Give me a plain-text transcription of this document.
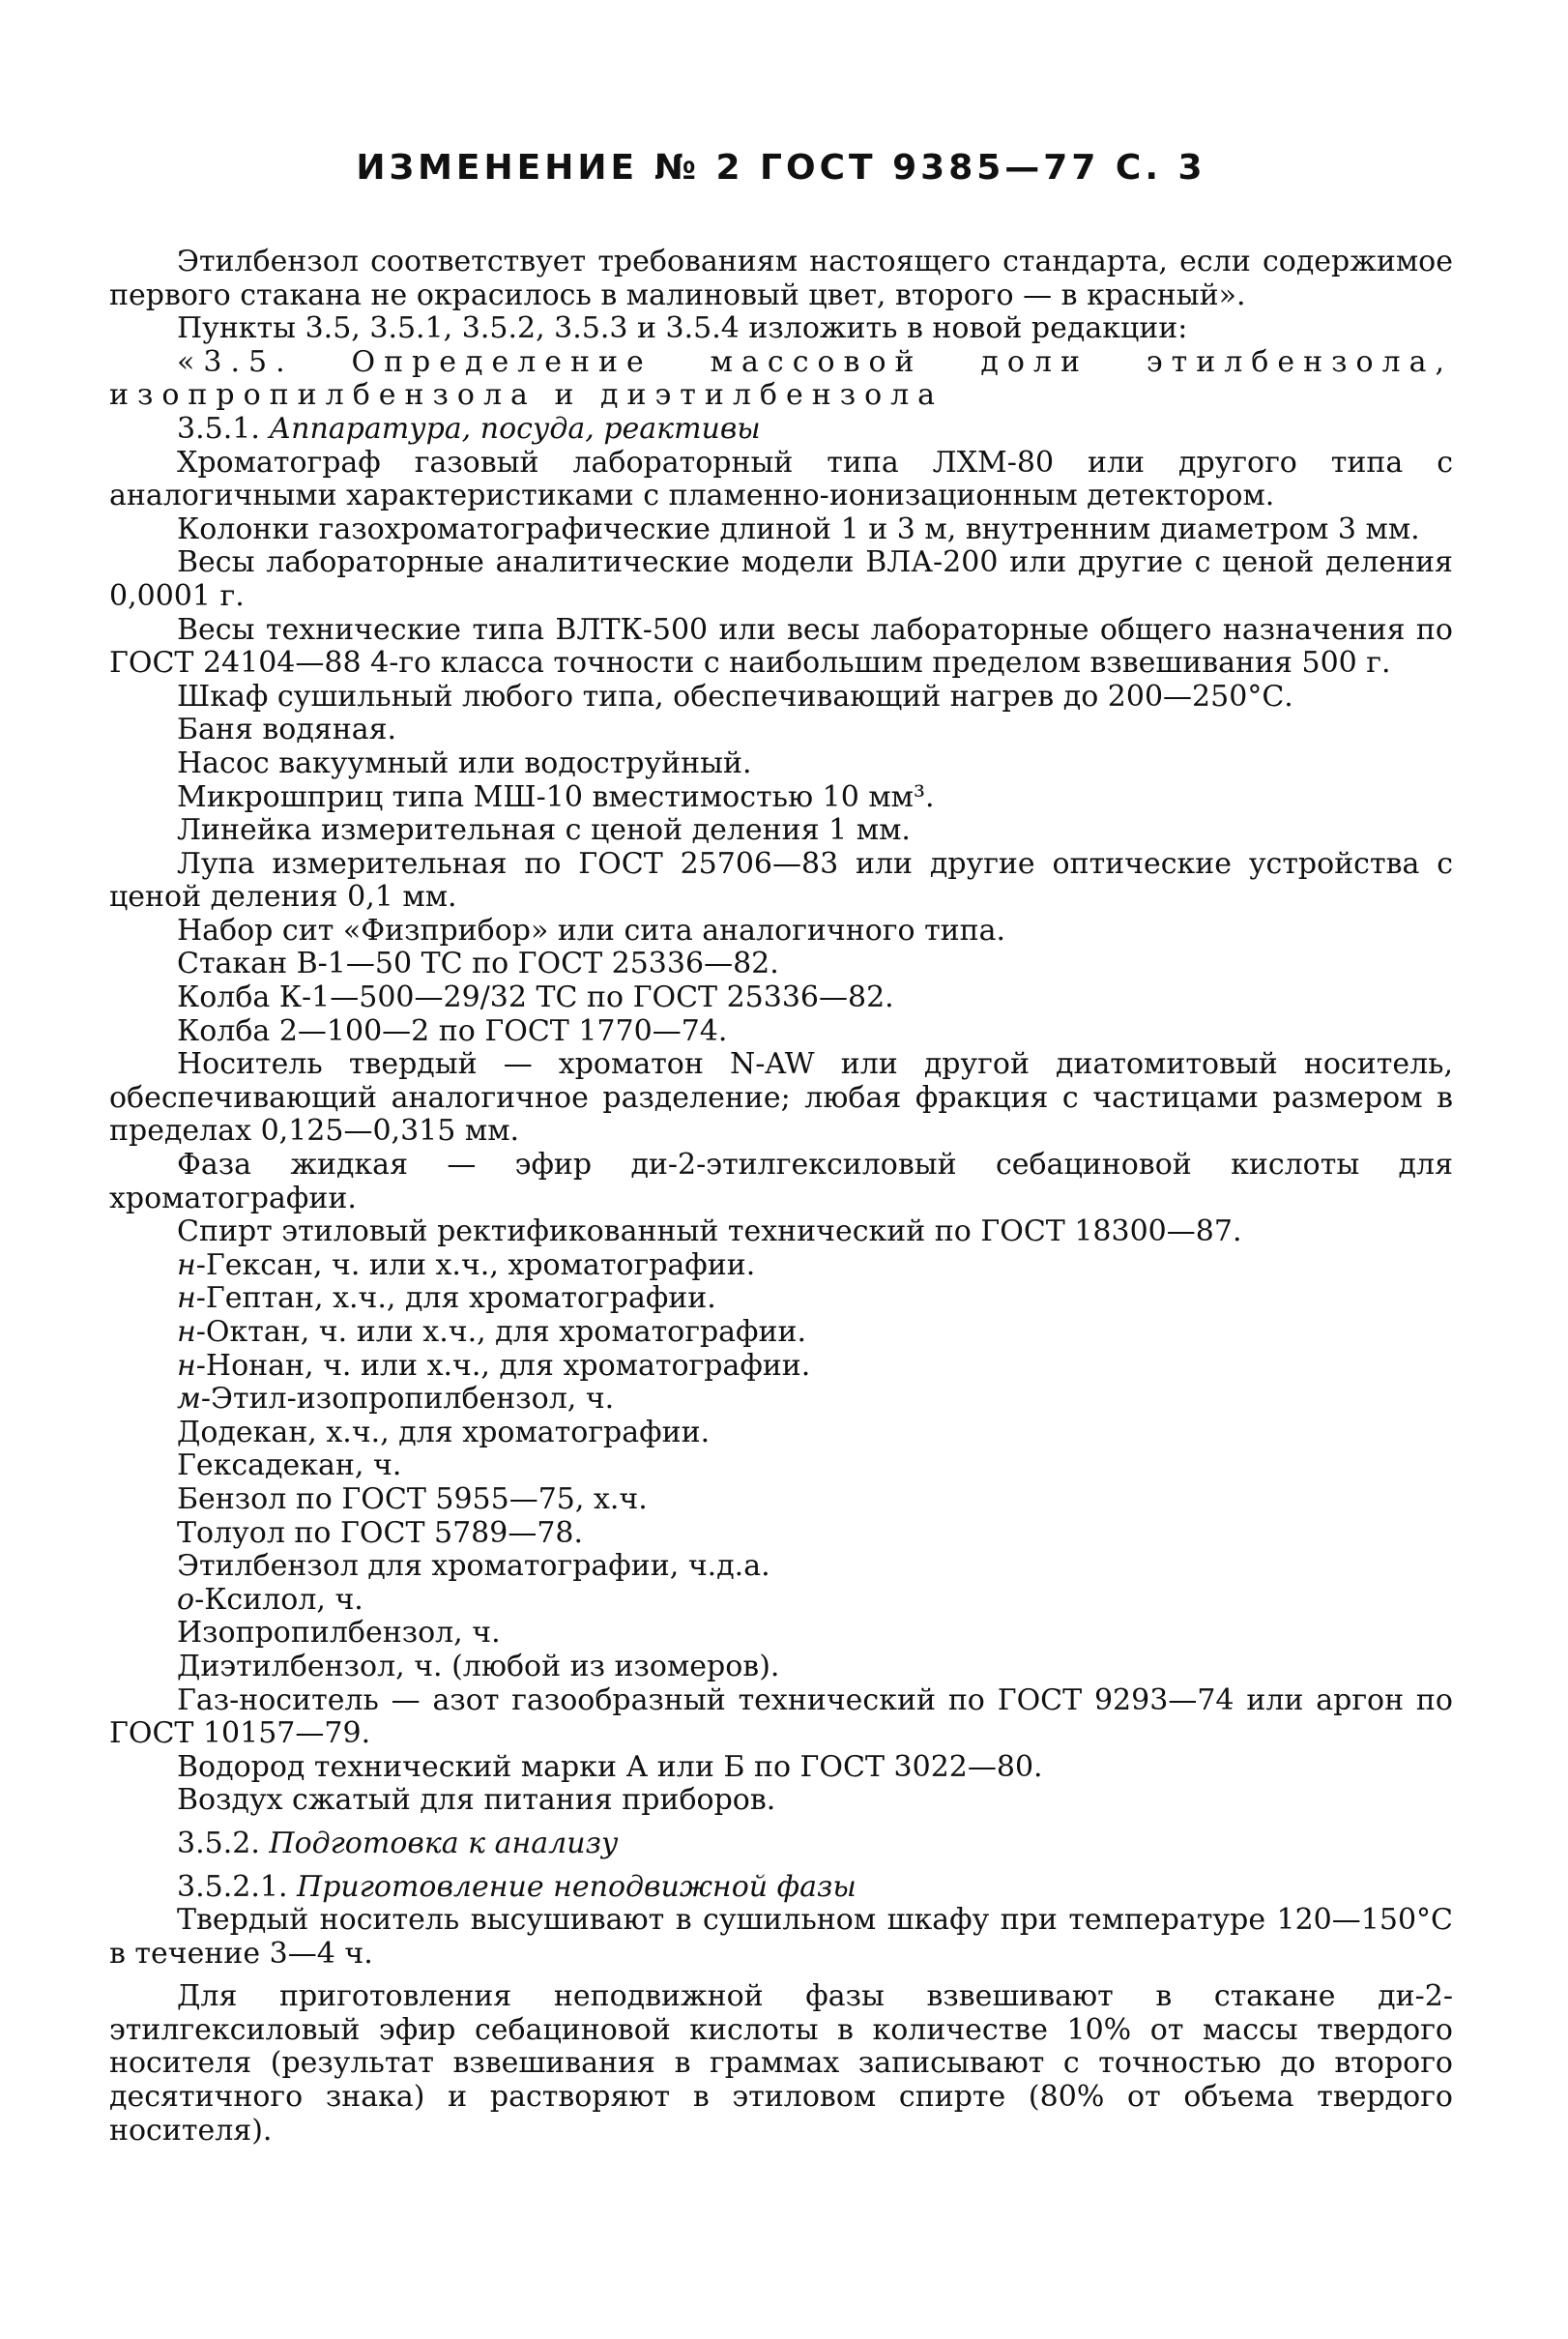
ИЗМЕНЕНИЕ № 2 ГОСТ 9385—77 С. 3

Этилбензол соответствует требованиям настоящего стандарта, если содержимое первого стакана не окрасилось в малиновый цвет, второго — в красный».

Пункты 3.5, 3.5.1, 3.5.2, 3.5.3 и 3.5.4 изложить в новой редакции:

«3.5. Определение массовой доли этилбензола, изопропилбензола и диэтилбензола

3.5.1. Аппаратура, посуда, реактивы

Хроматограф газовый лабораторный типа ЛХМ-80 или другого типа с аналогичными характеристиками с пламенно-ионизационным детектором.

Колонки газохроматографические длиной 1 и 3 м, внутренним диаметром 3 мм.

Весы лабораторные аналитические модели ВЛА-200 или другие с ценой деления 0,0001 г.

Весы технические типа ВЛТК-500 или весы лабораторные общего назначения по ГОСТ 24104—88 4-го класса точности с наибольшим пределом взвешивания 500 г.

Шкаф сушильный любого типа, обеспечивающий нагрев до 200—250°С.

Баня водяная.

Насос вакуумный или водоструйный.

Микрошприц типа МШ-10 вместимостью 10 мм³.

Линейка измерительная с ценой деления 1 мм.

Лупа измерительная по ГОСТ 25706—83 или другие оптические устройства с ценой деления 0,1 мм.

Набор сит «Физприбор» или сита аналогичного типа.

Стакан В-1—50 ТС по ГОСТ 25336—82.

Колба К-1—500—29/32 ТС по ГОСТ 25336—82.

Колба 2—100—2 по ГОСТ 1770—74.

Носитель твердый — хроматон N-AW или другой диатомитовый носитель, обеспечивающий аналогичное разделение; любая фракция с частицами размером в пределах 0,125—0,315 мм.

Фаза жидкая — эфир ди-2-этилгексиловый себациновой кислоты для хроматографии.

Спирт этиловый ректификованный технический по ГОСТ 18300—87.

н-Гексан, ч. или х.ч., хроматографии.

н-Гептан, х.ч., для хроматографии.

н-Октан, ч. или х.ч., для хроматографии.

н-Нонан, ч. или х.ч., для хроматографии.

м-Этил-изопропилбензол, ч.

Додекан, х.ч., для хроматографии.

Гексадекан, ч.

Бензол по ГОСТ 5955—75, х.ч.

Толуол по ГОСТ 5789—78.

Этилбензол для хроматографии, ч.д.а.

о-Ксилол, ч.

Изопропилбензол, ч.

Диэтилбензол, ч. (любой из изомеров).

Газ-носитель — азот газообразный технический по ГОСТ 9293—74 или аргон по ГОСТ 10157—79.

Водород технический марки А или Б по ГОСТ 3022—80.

Воздух сжатый для питания приборов.

3.5.2. Подготовка к анализу

3.5.2.1. Приготовление неподвижной фазы

Твердый носитель высушивают в сушильном шкафу при температуре 120—150°С в течение 3—4 ч.

Для приготовления неподвижной фазы взвешивают в стакане ди-2-этилгексиловый эфир себациновой кислоты в количестве 10% от массы твердого носителя (результат взвешивания в граммах записывают с точностью до второго десятичного знака) и растворяют в этиловом спирте (80% от объема твердого носителя).
